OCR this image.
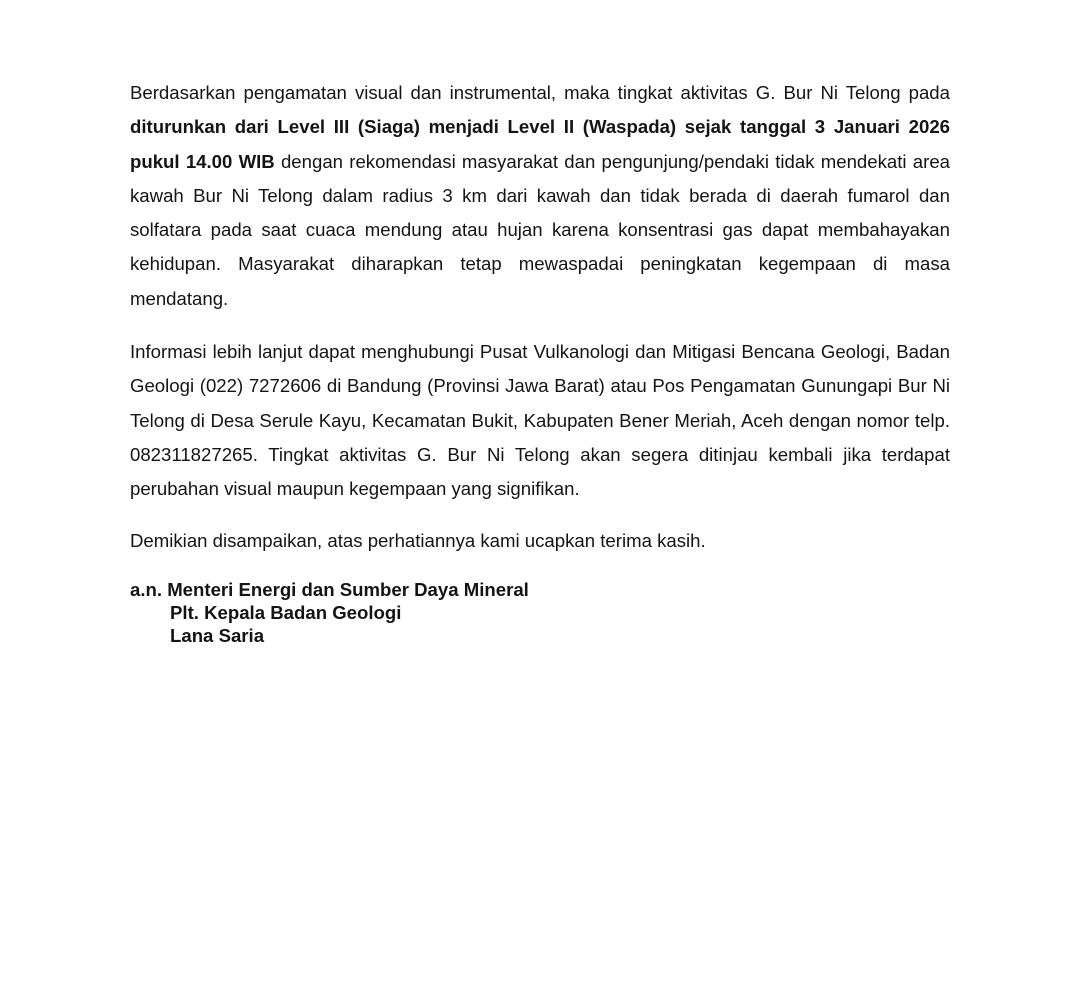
Berdasarkan pengamatan visual dan instrumental, maka tingkat aktivitas G. Bur Ni Telong pada diturunkan dari Level III (Siaga) menjadi Level II (Waspada) sejak tanggal 3 Januari 2026 pukul 14.00 WIB dengan rekomendasi masyarakat dan pengunjung/pendaki tidak mendekati area kawah Bur Ni Telong dalam radius 3 km dari kawah dan tidak berada di daerah fumarol dan solfatara pada saat cuaca mendung atau hujan karena konsentrasi gas dapat membahayakan kehidupan. Masyarakat diharapkan tetap mewaspadai peningkatan kegempaan di masa mendatang.

Informasi lebih lanjut dapat menghubungi Pusat Vulkanologi dan Mitigasi Bencana Geologi, Badan Geologi (022) 7272606 di Bandung (Provinsi Jawa Barat) atau Pos Pengamatan Gunungapi Bur Ni Telong di Desa Serule Kayu, Kecamatan Bukit, Kabupaten Bener Meriah, Aceh dengan nomor telp. 082311827265. Tingkat aktivitas G. Bur Ni Telong akan segera ditinjau kembali jika terdapat perubahan visual maupun kegempaan yang signifikan.

Demikian disampaikan, atas perhatiannya kami ucapkan terima kasih.

a.n. Menteri Energi dan Sumber Daya Mineral
Plt. Kepala Badan Geologi
Lana Saria
